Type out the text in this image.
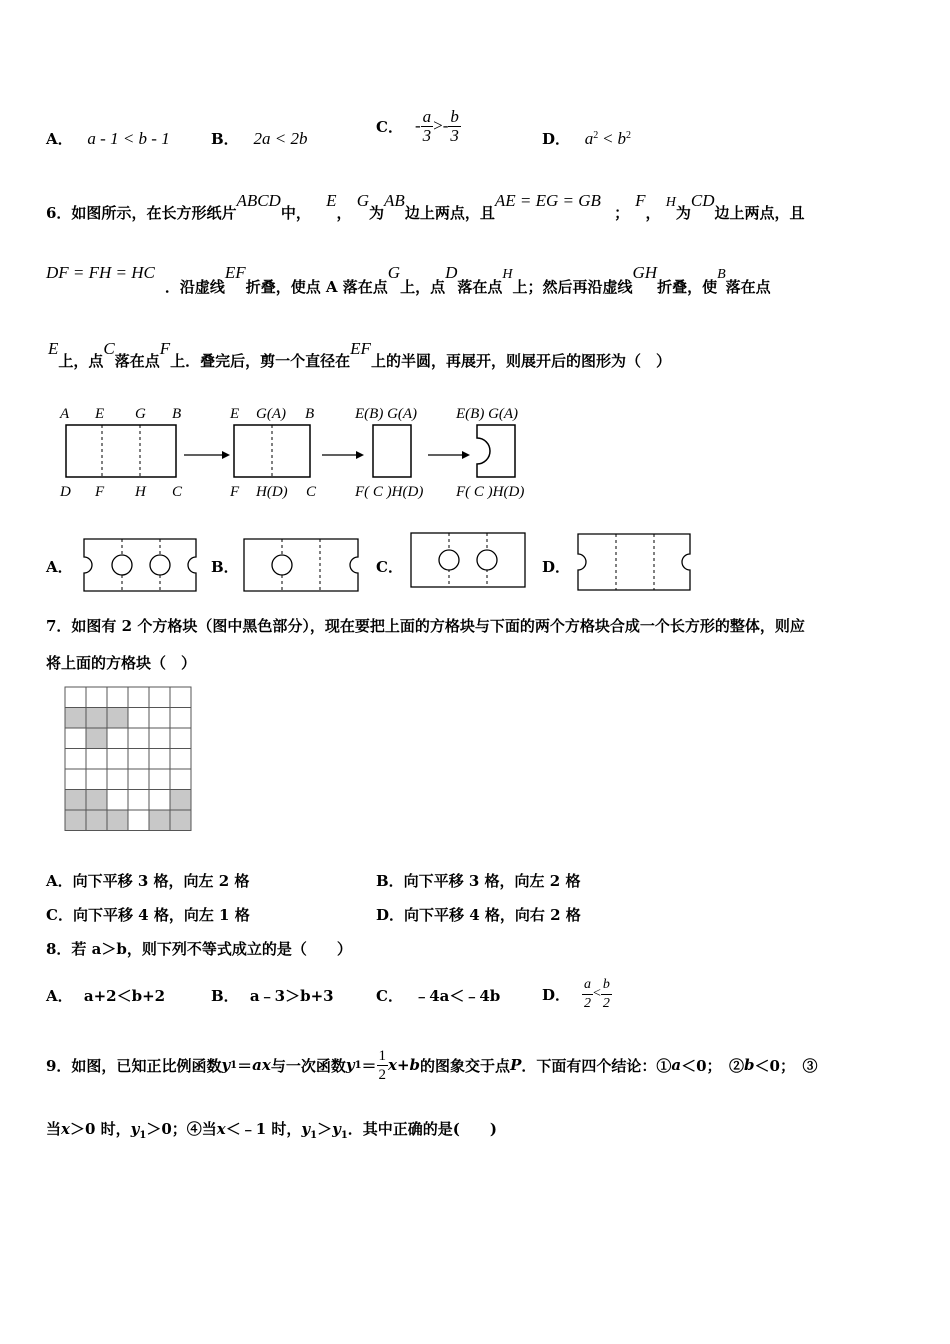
A． a - 1 < b - 1	B． 2a < 2b
C． - $\frac{a}{3}$ > - $\frac{b}{3}$	D． $a^2 < b^2$
6．如图所示，在长方形纸片ABCD中， E， G为AB边上两点，且AE = EG = GB ；F， H为CD边上两点，且
DF = FH = HC．沿虚线EF折叠，使点 A 落在点G上，点D落在点H上；然后再沿虚线GH折叠，使B落在点
E上，点C落在点F上．叠完后，剪一个直径在EF上的半圆，再展开，则展开后的图形为（　）
A E G B
D F H C
E G(A) B
F H(D) C
E(B) G(A)
F( C )H(D)
E(B) G(A)
F( C )H(D)
A．	B．	C．	D．
7．如图有 2 个方格块（图中黑色部分），现在要把上面的方格块与下面的两个方格块合成一个长方形的整体，则应
将上面的方格块（　）
A．向下平移 3 格，向左 2 格	B．向下平移 3 格，向左 2 格
C．向下平移 4 格，向左 1 格	D．向下平移 4 格，向右 2 格
8．若 a＞b，则下列不等式成立的是（　　）
A． a+2＜b+2	B． a﹣3＞b+3	C． ﹣4a＜﹣4b	D． $\frac{a}{2} < \frac{b}{2}$
9．如图，已知正比例函数 y 1 ＝ ax 与一次函数 y $1 = \frac{1}{2} x+b$ 的图象交于点 P ．下面有四个结论：① a ＜0；　② b ＜0；　③
当x＞0 时，$y_1>0$；④当x＜﹣1 时，$y_1>y_1$．其中正确的是(　　)
